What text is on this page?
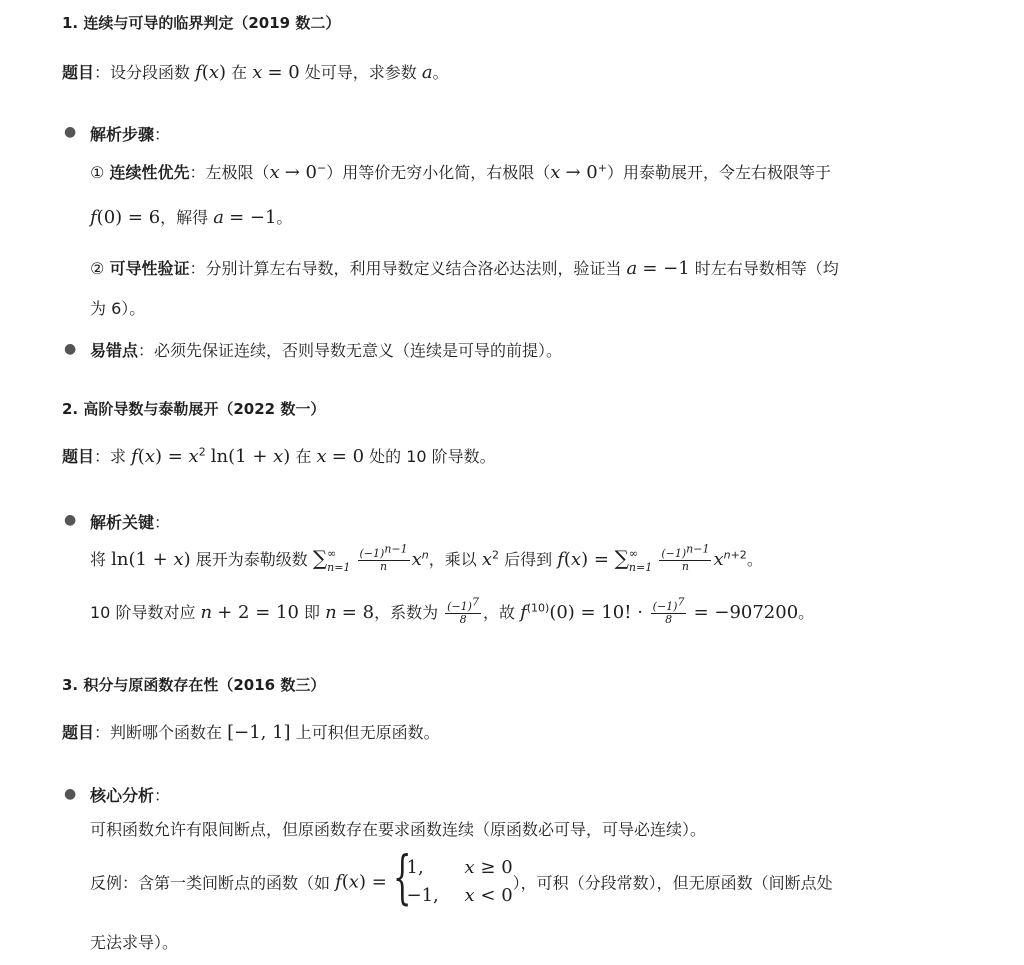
1. 连续与可导的临界判定（2019 数二）
题目：设分段函数 f(x) 在 x = 0 处可导，求参数 a。
● 解析步骤：
① 连续性优先：左极限（x → 0−）用等价无穷小化简，右极限（x → 0+）用泰勒展开，令左右极限等于
f(0) = 6，解得 a = −1。
② 可导性验证：分别计算左右导数，利用导数定义结合洛必达法则，验证当 a = −1 时左右导数相等（均
为 6）。
● 易错点：必须先保证连续，否则导数无意义（连续是可导的前提）。
2. 高阶导数与泰勒展开（2022 数一）
题目：求 $f(x) = x^2$ ln(1 + x) 在 x = 0 处的 10 阶导数。
● 解析关键：
将 ln(1 + x) 展开为泰勒级数 ∑∞
$n=1 \frac{(-1)^{n-1}}{n} x^n$，乘以 $x^2$ 后得到 f(x) = ∑∞
$n=1 \frac{(-1)^{n-1}}{n} x^{n+2}$。
10 阶导数对应 n + 2 = 10 即 n = 8，系数为 $\frac{(-1)^7}{8}$ ，故 $f^{(10)}(0) = 10$! · $\frac{(-1)^7}{8} = -907200$。
3. 积分与原函数存在性（2016 数三）
题目：判断哪个函数在 [−1, 1] 上可积但无原函数。
● 核心分析：
可积函数允许有限间断点，但原函数存在要求函数连续（原函数必可导，可导必连续）。
反例：含第一类间断点的函数（如 f(x) = {
1, x ≥ 0
−1, x < 0
），可积（分段常数），但无原函数（间断点处
无法求导）。
